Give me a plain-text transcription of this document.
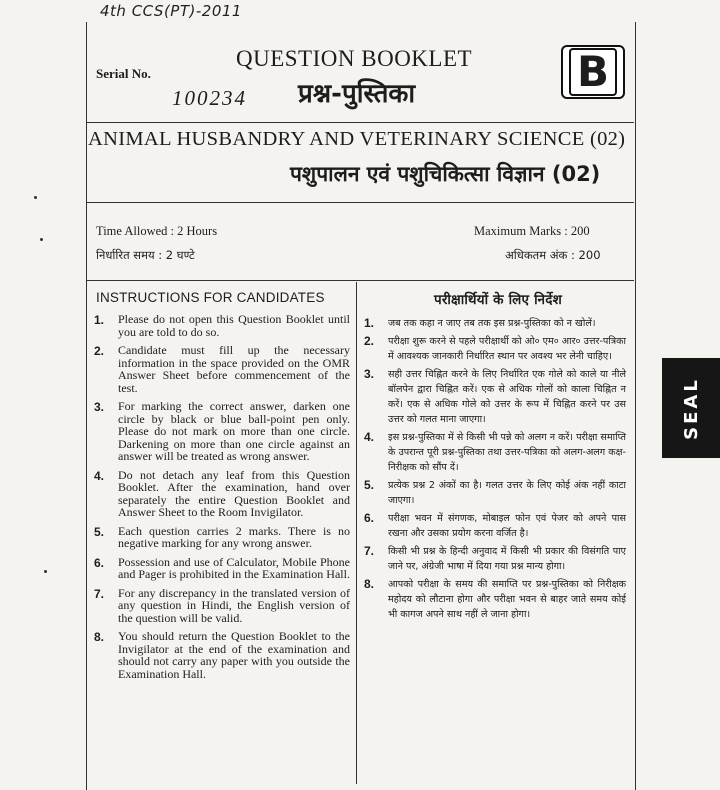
4th CCS(PT)-2011
Serial No.
100234
QUESTION BOOKLET
प्रश्न-पुस्तिका	B
ANIMAL HUSBANDRY AND VETERINARY SCIENCE (02)
पशुपालन एवं पशुचिकित्सा विज्ञान (02)
Time Allowed : 2 Hours
निर्धारित समय : 2 घण्टे
Maximum Marks : 200
अधिकतम अंक : 200
INSTRUCTIONS FOR CANDIDATES
1.	Please do not open this Question Booklet until you are told to do so.
2.	Candidate must fill up the necessary information in the space provided on the OMR Answer Sheet before commencement of the test.
3.	For marking the correct answer, darken one circle by black or blue ball-point pen only. Please do not mark on more than one circle. Darkening on more than one circle against an answer will be treated as wrong answer.
4.	Do not detach any leaf from this Question Booklet. After the examination, hand over separately the entire Question Booklet and Answer Sheet to the Room Invigilator.
5.	Each question carries 2 marks. There is no negative marking for any wrong answer.
6.	Possession and use of Calculator, Mobile Phone and Pager is prohibited in the Examination Hall.
7.	For any discrepancy in the translated version of any question in Hindi, the English version of the question will be valid.
8.	You should return the Question Booklet to the Invigilator at the end of the examination and should not carry any paper with you outside the Examination Hall.
परीक्षार्थियों के लिए निर्देश
1.	जब तक कहा न जाए तब तक इस प्रश्न-पुस्तिका को न खोलें।
2.	परीक्षा शुरू करने से पहले परीक्षार्थी को ओ० एम० आर० उत्तर-पत्रिका में आवश्यक जानकारी निर्धारित स्थान पर अवश्य भर लेनी चाहिए।
3.	सही उत्तर चिह्नित करने के लिए निर्धारित एक गोले को काले या नीले बॉलपेन द्वारा चिह्नित करें। एक से अधिक गोलों को काला चिह्नित न करें। एक से अधिक गोले को उत्तर के रूप में चिह्नित करने पर उस उत्तर को गलत माना जाएगा।
4.	इस प्रश्न-पुस्तिका में से किसी भी पन्ने को अलग न करें। परीक्षा समाप्ति के उपरान्त पूरी प्रश्न-पुस्तिका तथा उत्तर-पत्रिका को अलग-अलग कक्ष-निरीक्षक को सौंप दें।
5.	प्रत्येक प्रश्न 2 अंकों का है। गलत उत्तर के लिए कोई अंक नहीं काटा जाएगा।
6.	परीक्षा भवन में संगणक, मोबाइल फोन एवं पेजर को अपने पास रखना और उसका प्रयोग करना वर्जित है।
7.	किसी भी प्रश्न के हिन्दी अनुवाद में किसी भी प्रकार की विसंगति पाए जाने पर, अंग्रेजी भाषा में दिया गया प्रश्न मान्य होगा।
8.	आपको परीक्षा के समय की समाप्ति पर प्रश्न-पुस्तिका को निरीक्षक महोदय को लौटाना होगा और परीक्षा भवन से बाहर जाते समय कोई भी कागज अपने साथ नहीं ले जाना होगा।
SEAL
